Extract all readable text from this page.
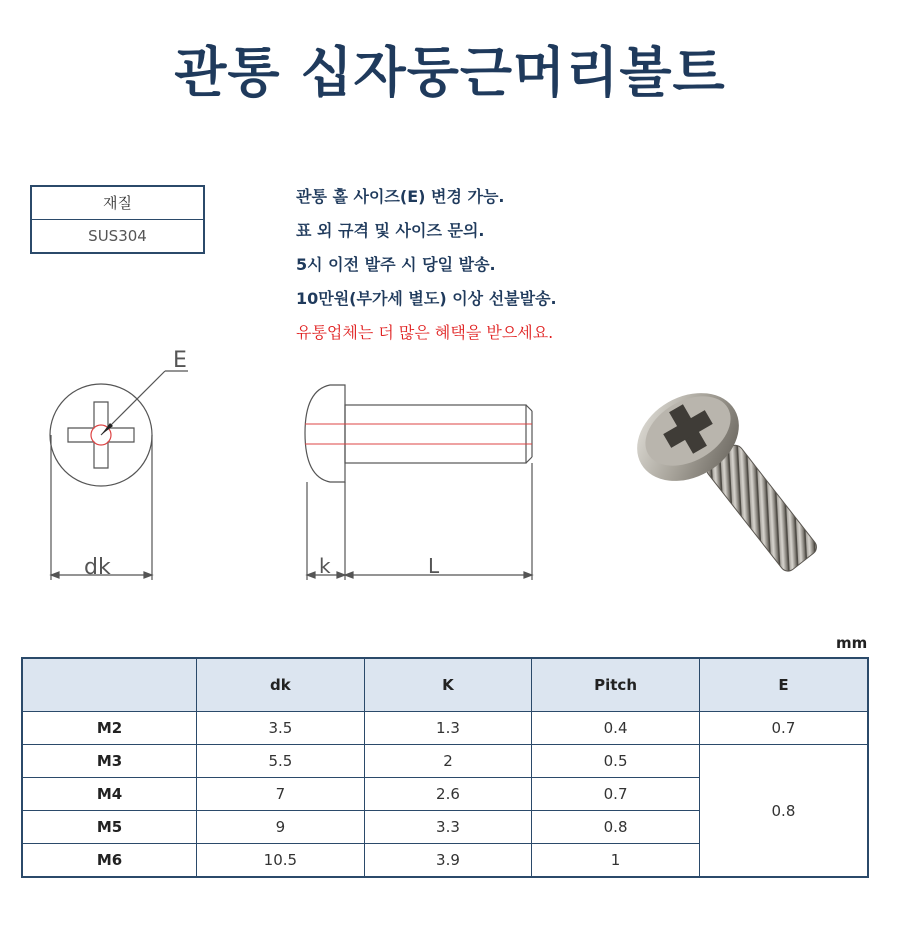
관통 십자둥근머리볼트
재질
SUS304
관통 홀 사이즈(E) 변경 가능.
표 외 규격 및 사이즈 문의.
5시 이전 발주 시 당일 발송.
10만원(부가세 별도) 이상 선불발송.
유통업체는 더 많은 혜택을 받으세요.
E
dk	k	L
mm
	dk	K	Pitch	E
M2	3.5	1.3	0.4	0.7
M3	5.5	2	0.5	0.8
M4	7	2.6	0.7	
M5	9	3.3	0.8	
M6	10.5	3.9	1	
